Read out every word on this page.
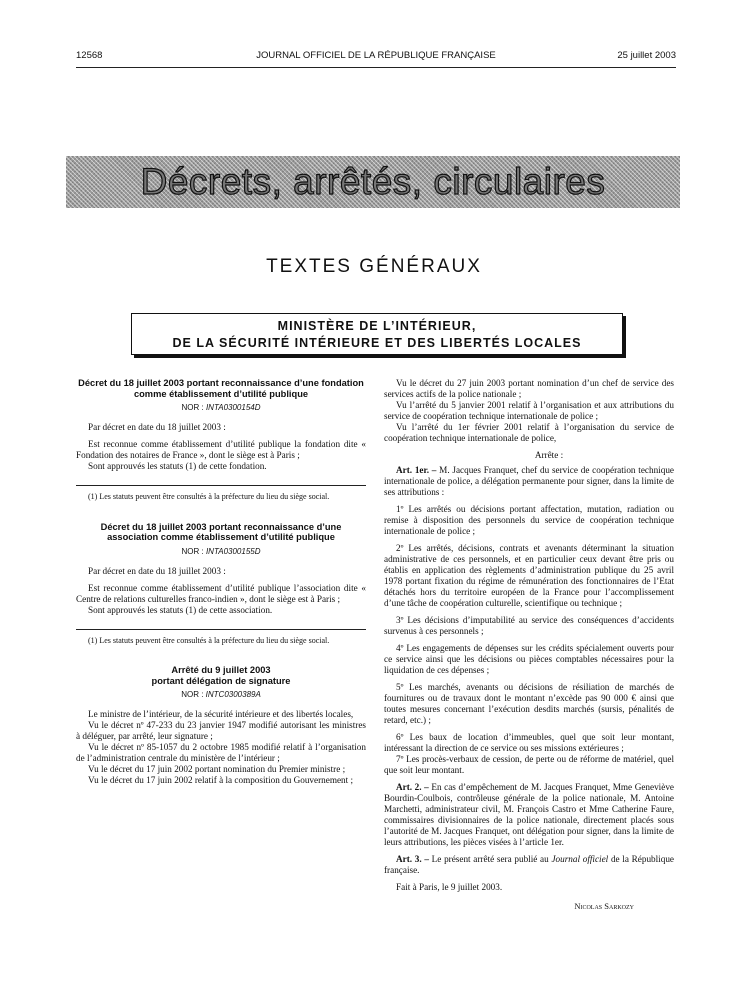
12568	JOURNAL OFFICIEL DE LA RÉPUBLIQUE FRANÇAISE	25 juillet 2003
Décrets, arrêtés, circulaires
TEXTES GÉNÉRAUX
MINISTÈRE DE L’INTÉRIEUR,
DE LA SÉCURITÉ INTÉRIEURE ET DES LIBERTÉS LOCALES
Décret du 18 juillet 2003 portant reconnaissance d’une fondation comme établissement d’utilité publique
NOR : INTA0300154D

Par décret en date du 18 juillet 2003 :

Est reconnue comme établissement d’utilité publique la fondation dite « Fondation des notaires de France », dont le siège est à Paris ;

Sont approuvés les statuts (1) de cette fondation.

(1) Les statuts peuvent être consultés à la préfecture du lieu du siège social.
Décret du 18 juillet 2003 portant reconnaissance d’une association comme établissement d’utilité publique
NOR : INTA0300155D

Par décret en date du 18 juillet 2003 :

Est reconnue comme établissement d’utilité publique l’association dite « Centre de relations culturelles franco-indien », dont le siège est à Paris ;

Sont approuvés les statuts (1) de cette association.

(1) Les statuts peuvent être consultés à la préfecture du lieu du siège social.
Arrêté du 9 juillet 2003
portant délégation de signature
NOR : INTC0300389A

Le ministre de l’intérieur, de la sécurité intérieure et des libertés locales,

Vu le décret nº 47-233 du 23 janvier 1947 modifié autorisant les ministres à déléguer, par arrêté, leur signature ;

Vu le décret nº 85-1057 du 2 octobre 1985 modifié relatif à l’organisation de l’administration centrale du ministère de l’intérieur ;

Vu le décret du 17 juin 2002 portant nomination du Premier ministre ;

Vu le décret du 17 juin 2002 relatif à la composition du Gouvernement ;

Vu le décret du 27 juin 2003 portant nomination d’un chef de service des services actifs de la police nationale ;

Vu l’arrêté du 5 janvier 2001 relatif à l’organisation et aux attributions du service de coopération technique internationale de police ;

Vu l’arrêté du 1er février 2001 relatif à l’organisation du service de coopération technique internationale de police,

Arrête :

Art. 1er. – M. Jacques Franquet, chef du service de coopération technique internationale de police, a délégation permanente pour signer, dans la limite de ses attributions :

1º Les arrêtés ou décisions portant affectation, mutation, radiation ou remise à disposition des personnels du service de coopération technique internationale de police ;

2º Les arrêtés, décisions, contrats et avenants déterminant la situation administrative de ces personnels, et en particulier ceux devant être pris ou établis en application des règlements d’administration publique du 25 avril 1978 portant fixation du régime de rémunération des fonctionnaires de l’Etat détachés hors du territoire européen de la France pour l’accomplissement d’une tâche de coopération culturelle, scientifique ou technique ;

3º Les décisions d’imputabilité au service des conséquences d’accidents survenus à ces personnels ;

4º Les engagements de dépenses sur les crédits spécialement ouverts pour ce service ainsi que les décisions ou pièces comptables nécessaires pour la liquidation de ces dépenses ;

5º Les marchés, avenants ou décisions de résiliation de marchés de fournitures ou de travaux dont le montant n’excède pas 90 000 € ainsi que toutes mesures concernant l’exécution desdits marchés (sursis, pénalités de retard, etc.) ;

6º Les baux de location d’immeubles, quel que soit leur montant, intéressant la direction de ce service ou ses missions extérieures ;

7º Les procès-verbaux de cession, de perte ou de réforme de matériel, quel que soit leur montant.

Art. 2. – En cas d’empêchement de M. Jacques Franquet, Mme Geneviève Bourdin-Coulbois, contrôleuse générale de la police nationale, M. Antoine Marchetti, administrateur civil, M. François Castro et Mme Catherine Faure, commissaires divisionnaires de la police nationale, directement placés sous l’autorité de M. Jacques Franquet, ont délégation pour signer, dans la limite de leurs attributions, les pièces visées à l’article 1er.

Art. 3. – Le présent arrêté sera publié au Journal officiel de la République française.

Fait à Paris, le 9 juillet 2003.

Nicolas Sarkozy
